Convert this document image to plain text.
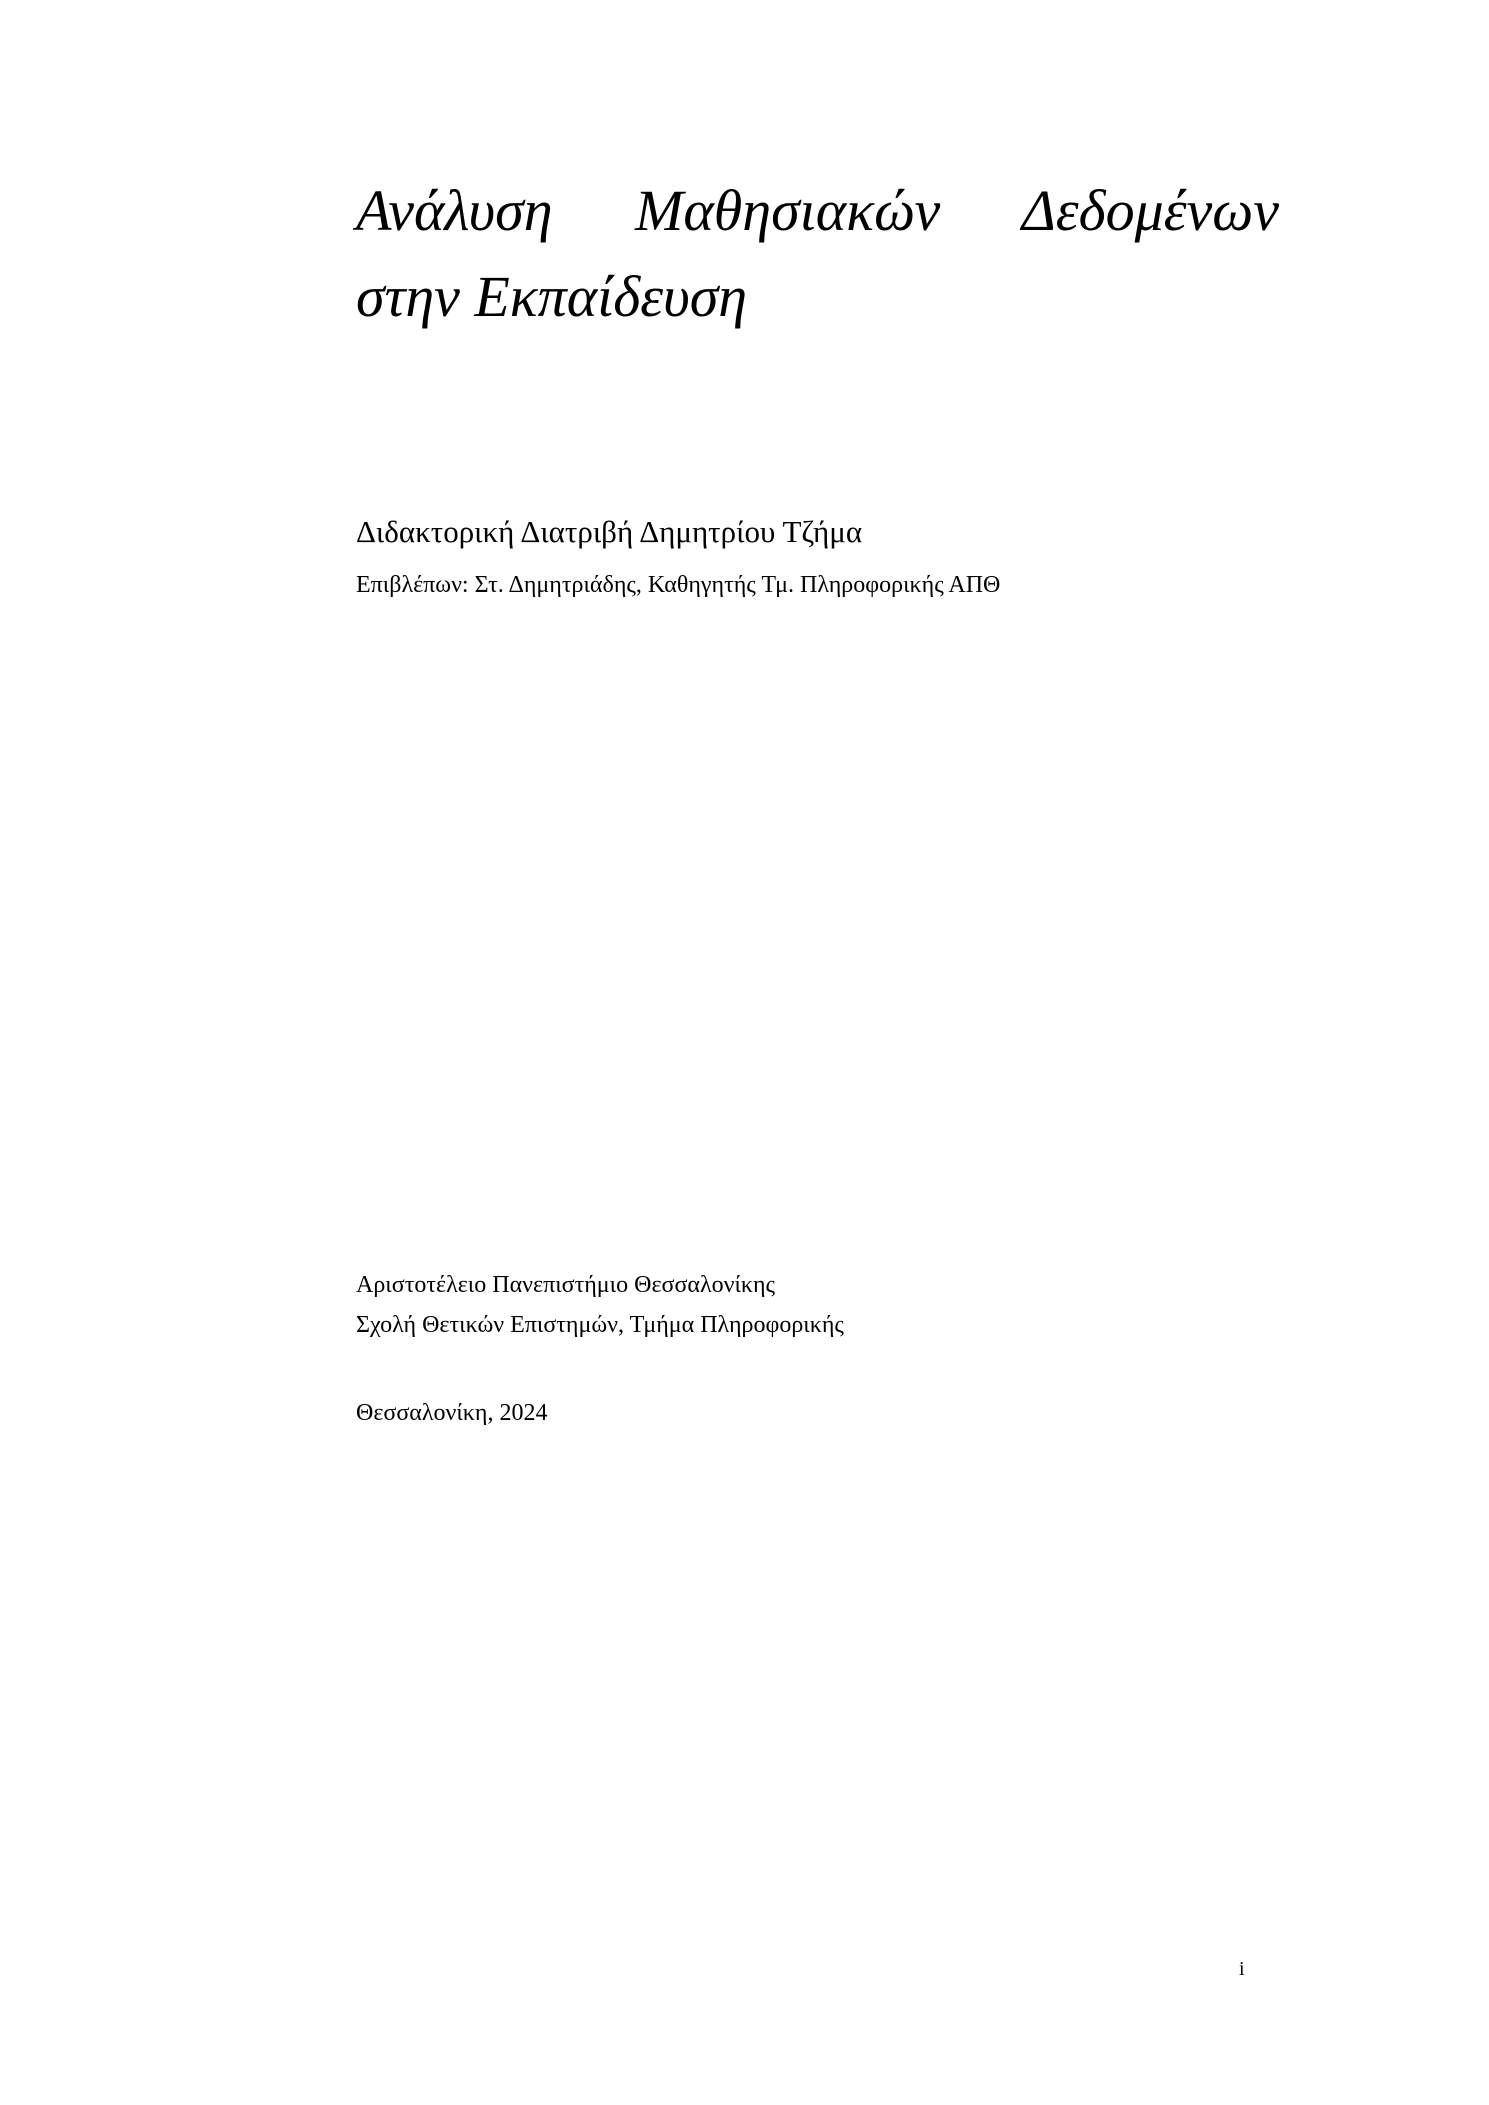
Ανάλυση Μαθησιακών Δεδομένων
στην Εκπαίδευση

Διδακτορική Διατριβή Δημητρίου Τζήμα

Επιβλέπων: Στ. Δημητριάδης, Καθηγητής Τμ. Πληροφορικής ΑΠΘ

Αριστοτέλειο Πανεπιστήμιο Θεσσαλονίκης
Σχολή Θετικών Επιστημών, Τμήμα Πληροφορικής

Θεσσαλονίκη, 2024

i
